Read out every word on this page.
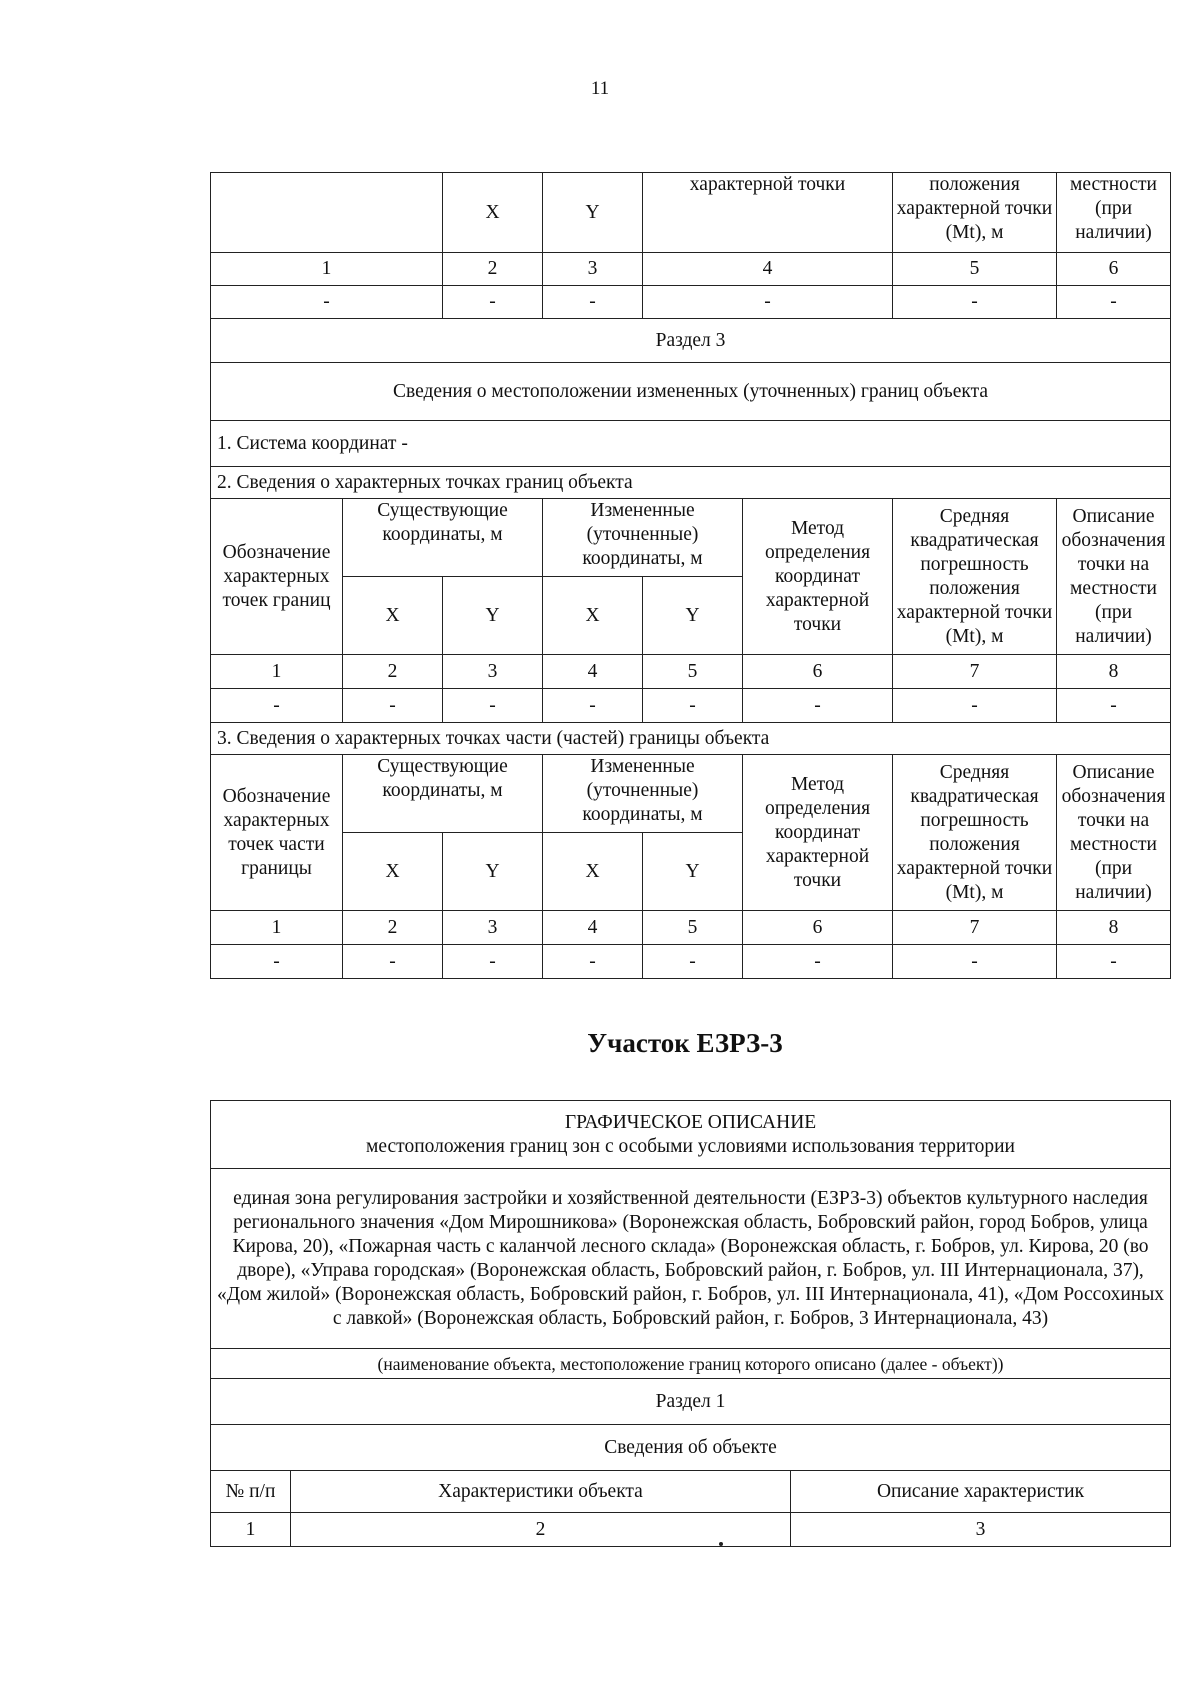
11
		X	Y	характерной точки		положения характерной точки (Mt), м	местности (при наличии)
1		2	3	4		5	6
-		-	-	-		-	-
Раздел 3							
Сведения о местоположении измененных (уточненных) границ объекта							
1. Система координат -							
2. Сведения о характерных точках границ объекта							
Обозначение характерных точек границ	Существующие координаты, м		Измененные (уточненные) координаты, м		Метод определения координат характерной точки	Средняя квадратическая погрешность положения характерной точки (Mt), м	Описание обозначения точки на местности (при наличии)
	X	Y	X	Y			
1	2	3	4	5	6	7	8
-	-	-	-	-	-	-	-
3. Сведения о характерных точках части (частей) границы объекта							
Обозначение характерных точек части границы	Существующие координаты, м		Измененные (уточненные) координаты, м		Метод определения координат характерной точки	Средняя квадратическая погрешность положения характерной точки (Mt), м	Описание обозначения точки на местности (при наличии)
	X	Y	X	Y			
1	2	3	4	5	6	7	8
-	-	-	-	-	-	-	-
Участок ЕЗРЗ-3
ГРАФИЧЕСКОЕ ОПИСАНИЕ
местоположения границ зон с особыми условиями использования территории		

единая зона регулирования застройки и хозяйственной деятельности (ЕЗРЗ-3) объектов культурного наследия регионального значения «Дом Мирошникова» (Воронежская область, Бобровский район, город Бобров, улица Кирова, 20), «Пожарная часть с каланчой лесного склада» (Воронежская область, г. Бобров, ул. Кирова, 20 (во дворе), «Управа городская» (Воронежская область, Бобровский район, г. Бобров, ул. III Интернационала, 37), «Дом жилой» (Воронежская область, Бобровский район, г. Бобров, ул. III Интернационала, 41), «Дом Россохиных с лавкой» (Воронежская область, Бобровский район, г. Бобров, 3 Интернационала, 43)		
(наименование объекта, местоположение границ которого описано (далее - объект))		
Раздел 1		
Сведения об объекте		
№ п/п	Характеристики объекта	Описание характеристик
1	2	3
